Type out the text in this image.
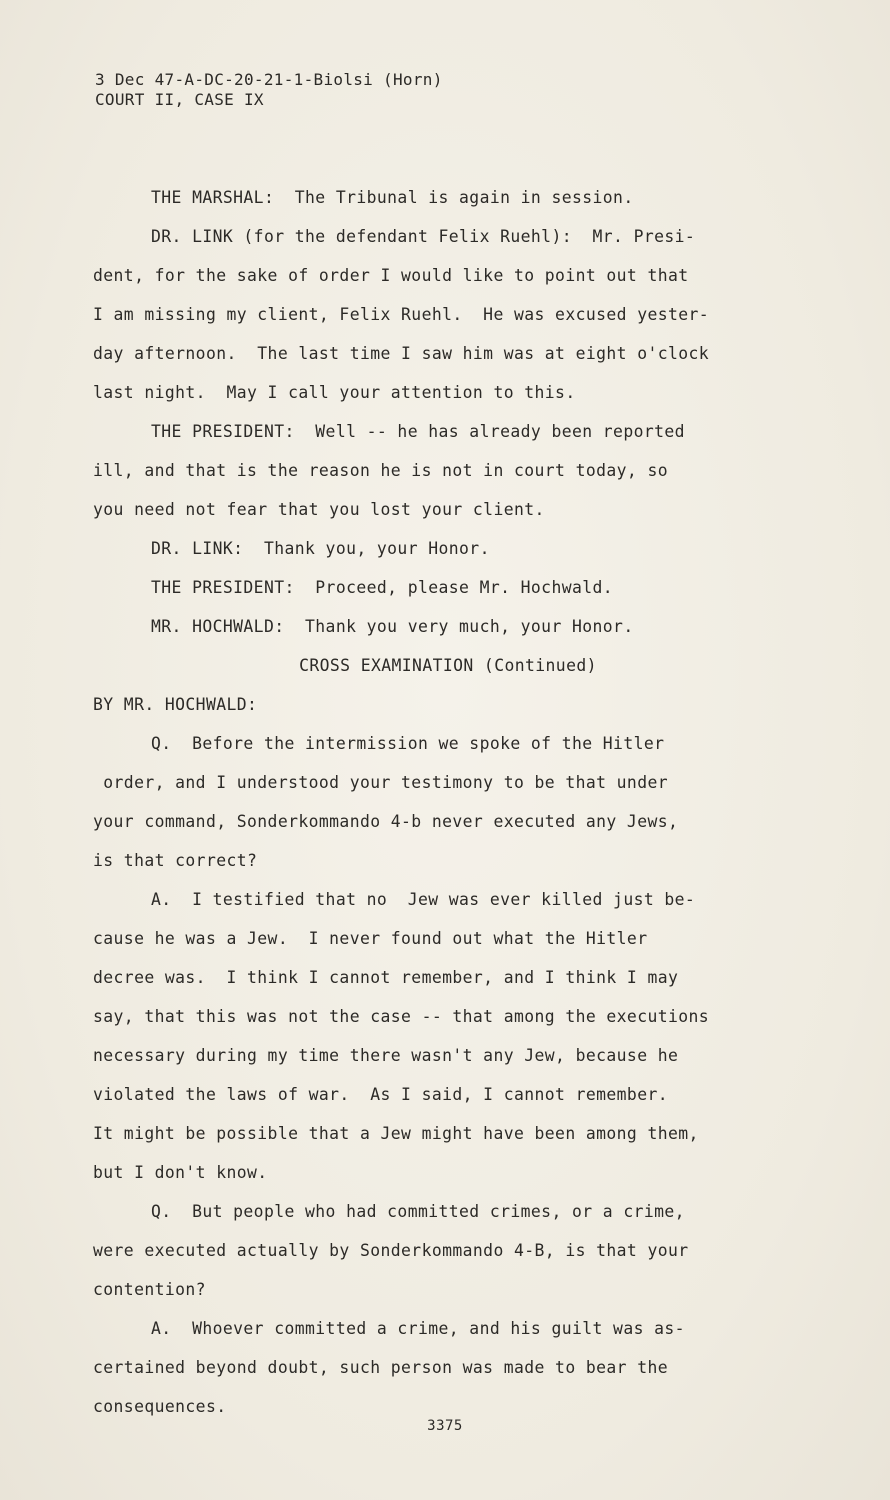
3 Dec 47-A-DC-20-21-1-Biolsi (Horn)
COURT II, CASE IX
THE MARSHAL:  The Tribunal is again in session.
DR. LINK (for the defendant Felix Ruehl):  Mr. Presi-
dent, for the sake of order I would like to point out that
I am missing my client, Felix Ruehl.  He was excused yester-
day afternoon.  The last time I saw him was at eight o'clock
last night.  May I call your attention to this.
THE PRESIDENT:  Well -- he has already been reported
ill, and that is the reason he is not in court today, so
you need not fear that you lost your client.
DR. LINK:  Thank you, your Honor.
THE PRESIDENT:  Proceed, please Mr. Hochwald.
MR. HOCHWALD:  Thank you very much, your Honor.
CROSS EXAMINATION (Continued)
BY MR. HOCHWALD:
Q.  Before the intermission we spoke of the Hitler
order, and I understood your testimony to be that under
your command, Sonderkommando 4-b never executed any Jews,
is that correct?
A.  I testified that no  Jew was ever killed just be-
cause he was a Jew.  I never found out what the Hitler
decree was.  I think I cannot remember, and I think I may
say, that this was not the case -- that among the executions
necessary during my time there wasn't any Jew, because he
violated the laws of war.  As I said, I cannot remember.
It might be possible that a Jew might have been among them,
but I don't know.
Q.  But people who had committed crimes, or a crime,
were executed actually by Sonderkommando 4-B, is that your
contention?
A.  Whoever committed a crime, and his guilt was as-
certained beyond doubt, such person was made to bear the
consequences.
3375
